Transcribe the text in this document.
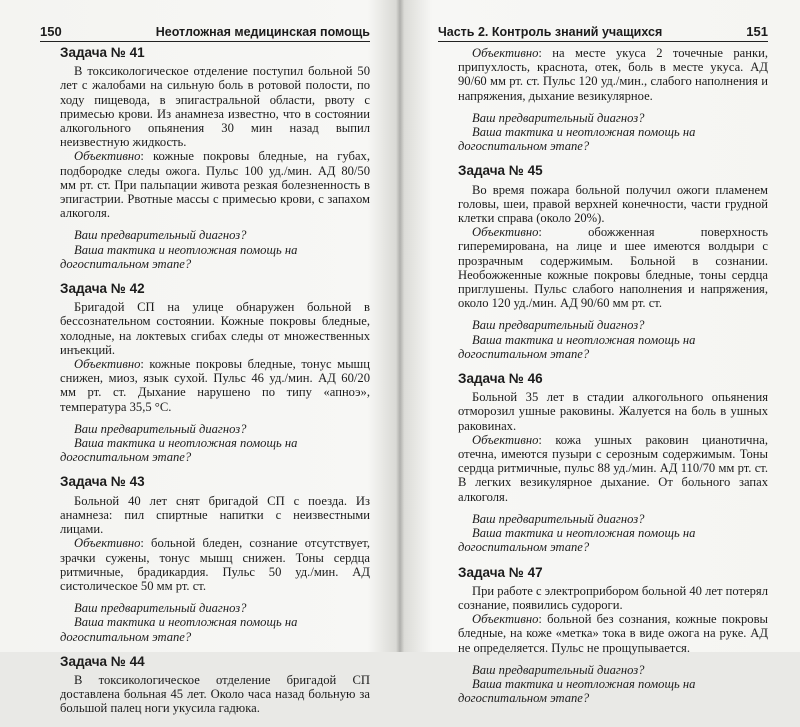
150	Неотложная медицинская помощь
Задача № 41

В токсикологическое отделение поступил больной 50 лет с жалобами на сильную боль в ротовой полости, по ходу пищевода, в эпигастральной области, рвоту с примесью крови. Из анамнеза известно, что в состоянии алкогольного опьянения 30 мин назад выпил неизвестную жидкость.

Объективно: кожные покровы бледные, на губах, подбородке следы ожога. Пульс 100 уд./мин. АД 80/50 мм рт. ст. При пальпации живота резкая болезненность в эпигастрии. Рвотные массы с примесью крови, с запахом алкоголя.

Ваш предварительный диагноз?

Ваша тактика и неотложная помощь на догоспитальном этапе?

Задача № 42

Бригадой СП на улице обнаружен больной в бессознательном состоянии. Кожные покровы бледные, холодные, на локтевых сгибах следы от множественных инъекций.

Объективно: кожные покровы бледные, тонус мышц снижен, миоз, язык сухой. Пульс 46 уд./мин. АД 60/20 мм рт. ст. Дыхание нарушено по типу «апноэ», температура 35,5 °С.

Ваш предварительный диагноз?

Ваша тактика и неотложная помощь на догоспитальном этапе?

Задача № 43

Больной 40 лет снят бригадой СП с поезда. Из анамнеза: пил спиртные напитки с неизвестными лицами.

Объективно: больной бледен, сознание отсутствует, зрачки сужены, тонус мышц снижен. Тоны сердца ритмичные, брадикардия. Пульс 50 уд./мин. АД систолическое 50 мм рт. ст.

Ваш предварительный диагноз?

Ваша тактика и неотложная помощь на догоспитальном этапе?

Задача № 44

В токсикологическое отделение бригадой СП доставлена больная 45 лет. Около часа назад больную за большой палец ноги укусила гадюка.

Часть 2. Контроль знаний учащихся	151

Объективно: на месте укуса 2 точечные ранки, припухлость, краснота, отек, боль в месте укуса. АД 90/60 мм рт. ст. Пульс 120 уд./мин., слабого наполнения и напряжения, дыхание везикулярное.

Ваш предварительный диагноз?

Ваша тактика и неотложная помощь на догоспитальном этапе?

Задача № 45

Во время пожара больной получил ожоги пламенем головы, шеи, правой верхней конечности, части грудной клетки справа (около 20%).

Объективно: обожженная поверхность гиперемирована, на лице и шее имеются волдыри с прозрачным содержимым. Больной в сознании. Необожженные кожные покровы бледные, тоны сердца приглушены. Пульс слабого наполнения и напряжения, около 120 уд./мин. АД 90/60 мм рт. ст.

Ваш предварительный диагноз?

Ваша тактика и неотложная помощь на догоспитальном этапе?

Задача № 46

Больной 35 лет в стадии алкогольного опьянения отморозил ушные раковины. Жалуется на боль в ушных раковинах.

Объективно: кожа ушных раковин цианотична, отечна, имеются пузыри с серозным содержимым. Тоны сердца ритмичные, пульс 88 уд./мин. АД 110/70 мм рт. ст. В легких везикулярное дыхание. От больного запах алкоголя.

Ваш предварительный диагноз?

Ваша тактика и неотложная помощь на догоспитальном этапе?

Задача № 47

При работе с электроприбором больной 40 лет потерял сознание, появились судороги.

Объективно: больной без сознания, кожные покровы бледные, на коже «метка» тока в виде ожога на руке. АД не определяется. Пульс не прощупывается.

Ваш предварительный диагноз?

Ваша тактика и неотложная помощь на догоспитальном этапе?
